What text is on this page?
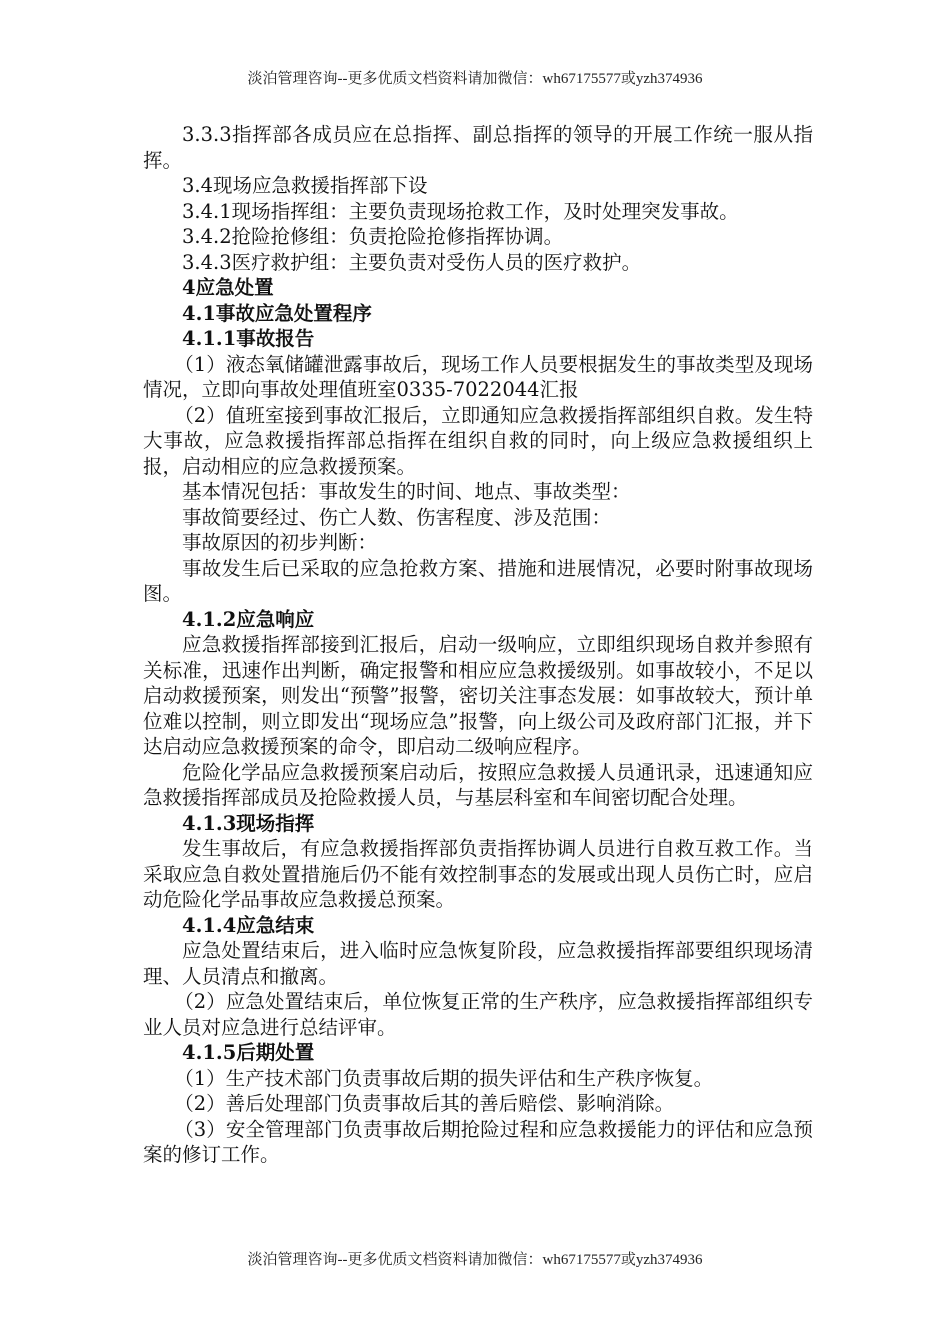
淡泊管理咨询--更多优质文档资料请加微信：wh67175577或yzh374936

3.3.3指挥部各成员应在总指挥、副总指挥的领导的开展工作统一服从指挥。

3.4现场应急救援指挥部下设

3.4.1现场指挥组：主要负责现场抢救工作，及时处理突发事故。

3.4.2抢险抢修组：负责抢险抢修指挥协调。

3.4.3医疗救护组：主要负责对受伤人员的医疗救护。

4应急处置

4.1事故应急处置程序

4.1.1事故报告

（1）液态氧储罐泄露事故后，现场工作人员要根据发生的事故类型及现场情况，立即向事故处理值班室0335-7022044汇报

（2）值班室接到事故汇报后，立即通知应急救援指挥部组织自救。发生特大事故，应急救援指挥部总指挥在组织自救的同时，向上级应急救援组织上报，启动相应的应急救援预案。

基本情况包括：事故发生的时间、地点、事故类型：

事故简要经过、伤亡人数、伤害程度、涉及范围：

事故原因的初步判断：

事故发生后已采取的应急抢救方案、措施和进展情况，必要时附事故现场图。

4.1.2应急响应

应急救援指挥部接到汇报后，启动一级响应，立即组织现场自救并参照有关标准，迅速作出判断，确定报警和相应应急救援级别。如事故较小，不足以启动救援预案，则发出“预警”报警，密切关注事态发展：如事故较大，预计单位难以控制，则立即发出“现场应急”报警，向上级公司及政府部门汇报，并下达启动应急救援预案的命令，即启动二级响应程序。

危险化学品应急救援预案启动后，按照应急救援人员通讯录，迅速通知应急救援指挥部成员及抢险救援人员，与基层科室和车间密切配合处理。

4.1.3现场指挥

发生事故后，有应急救援指挥部负责指挥协调人员进行自救互救工作。当采取应急自救处置措施后仍不能有效控制事态的发展或出现人员伤亡时，应启动危险化学品事故应急救援总预案。

4.1.4应急结束

应急处置结束后，进入临时应急恢复阶段，应急救援指挥部要组织现场清理、人员清点和撤离。

（2）应急处置结束后，单位恢复正常的生产秩序，应急救援指挥部组织专业人员对应急进行总结评审。

4.1.5后期处置

（1）生产技术部门负责事故后期的损失评估和生产秩序恢复。

（2）善后处理部门负责事故后其的善后赔偿、影响消除。

（3）安全管理部门负责事故后期抢险过程和应急救援能力的评估和应急预案的修订工作。

淡泊管理咨询--更多优质文档资料请加微信：wh67175577或yzh374936
